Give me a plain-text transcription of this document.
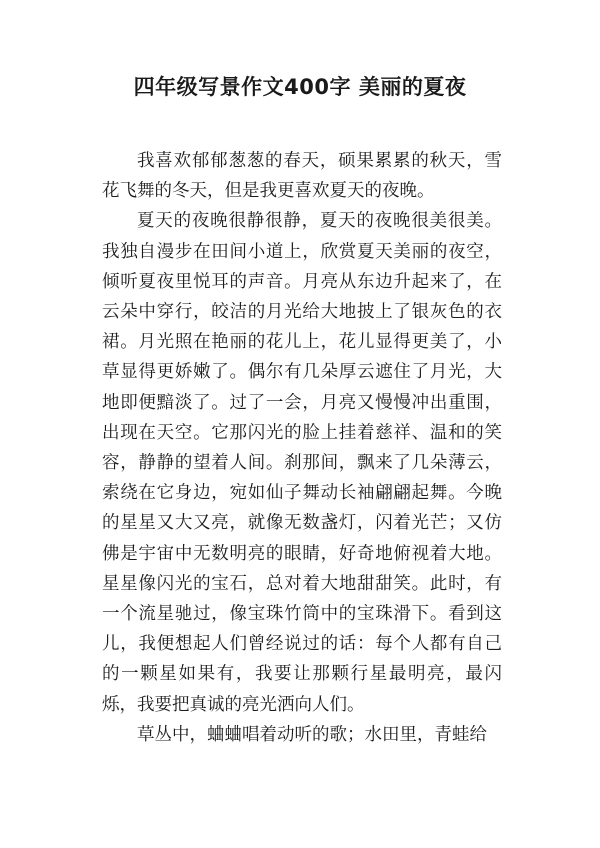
四年级写景作文400字 美丽的夏夜

我喜欢郁郁葱葱的春天，硕果累累的秋天，雪花飞舞的冬天，但是我更喜欢夏天的夜晚。

夏天的夜晚很静很静，夏天的夜晚很美很美。我独自漫步在田间小道上，欣赏夏天美丽的夜空，倾听夏夜里悦耳的声音。月亮从东边升起来了，在云朵中穿行，皎洁的月光给大地披上了银灰色的衣裙。月光照在艳丽的花儿上，花儿显得更美了，小草显得更娇嫩了。偶尔有几朵厚云遮住了月光，大地即便黯淡了。过了一会，月亮又慢慢冲出重围，出现在天空。它那闪光的脸上挂着慈祥、温和的笑容，静静的望着人间。刹那间，飘来了几朵薄云，索绕在它身边，宛如仙子舞动长袖翩翩起舞。今晚的星星又大又亮，就像无数盏灯，闪着光芒；又仿佛是宇宙中无数明亮的眼睛，好奇地俯视着大地。星星像闪光的宝石，总对着大地甜甜笑。此时，有一个流星驰过，像宝珠竹筒中的宝珠滑下。看到这儿，我便想起人们曾经说过的话：每个人都有自己的一颗星如果有，我要让那颗行星最明亮，最闪烁，我要把真诚的亮光洒向人们。

草丛中，蛐蛐唱着动听的歌；水田里，青蛙给
